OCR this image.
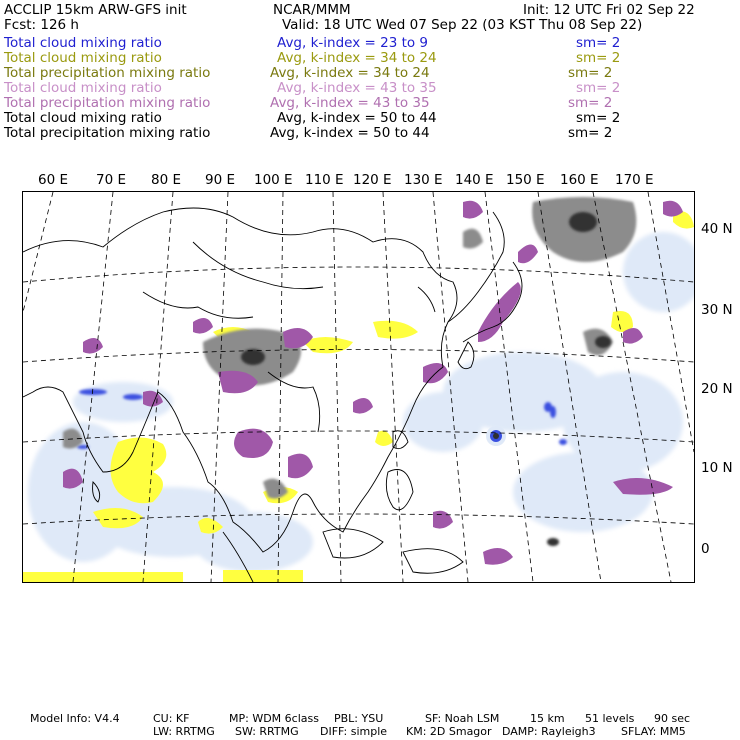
ACCLIP 15km ARW-GFS init	NCAR/MMM	Init: 12 UTC Fri 02 Sep 22
Fcst: 126 h	Valid: 18 UTC Wed 07 Sep 22 (03 KST Thu 08 Sep 22)
Total cloud mixing ratio	Avg, k-index = 23 to 9	sm= 2
Total cloud mixing ratio	Avg, k-index = 34 to 24	sm= 2
Total precipitation mixing ratio	Avg, k-index = 34 to 24	sm= 2
Total cloud mixing ratio	Avg, k-index = 43 to 35	sm= 2
Total precipitation mixing ratio	Avg, k-index = 43 to 35	sm= 2
Total cloud mixing ratio	Avg, k-index = 50 to 44	sm= 2
Total precipitation mixing ratio	Avg, k-index = 50 to 44	sm= 2
60 E 70 E 80 E 90 E 100 E 110 E 120 E 130 E 140 E 150 E 160 E 170 E
40 N
30 N
20 N
10 N
0
Model Info: V4.4	CU: KF	MP: WDM 6class PBL: YSU	SF: Noah LSM	15 km 51 levels 90 sec
LW: RRTMG SW: RRTMG DIFF: simple KM: 2D Smagor DAMP: Rayleigh3 SFLAY: MM5
